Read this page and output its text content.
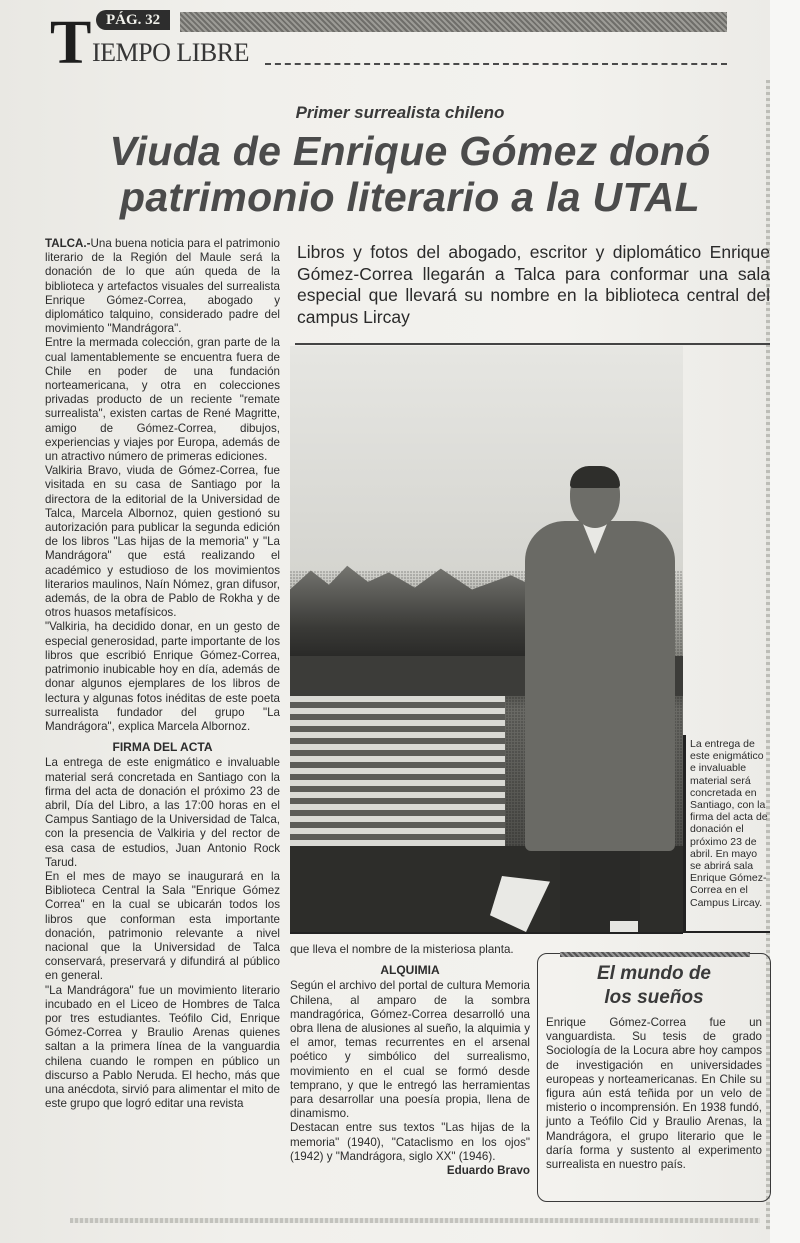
PÁG. 32
T IEMPO LIBRE
Primer surrealista chileno
Viuda de Enrique Gómez donó
patrimonio literario a la UTAL

TALCA.-Una buena noticia para el patrimonio literario de la Región del Maule será la donación de lo que aún queda de la biblioteca y artefactos visuales del surrealista Enrique Gómez-Correa, abogado y diplomático talquino, considerado padre del movimiento "Mandrágora".

Entre la mermada colección, gran parte de la cual lamentablemente se encuentra fuera de Chile en poder de una fundación norteamericana, y otra en colecciones privadas producto de un reciente "remate surrealista", existen cartas de René Magritte, amigo de Gómez-Correa, dibujos, experiencias y viajes por Europa, además de un atractivo número de primeras ediciones.

Valkiria Bravo, viuda de Gómez-Correa, fue visitada en su casa de Santiago por la directora de la editorial de la Universidad de Talca, Marcela Albornoz, quien gestionó su autorización para publicar la segunda edición de los libros "Las hijas de la memoria" y "La Mandrágora" que está realizando el académico y estudioso de los movimientos literarios maulinos, Naín Nómez, gran difusor, además, de la obra de Pablo de Rokha y de otros huasos metafísicos.

"Valkiria, ha decidido donar, en un gesto de especial generosidad, parte importante de los libros que escribió Enrique Gómez-Correa, patrimonio inubicable hoy en día, además de donar algunos ejemplares de los libros de lectura y algunas fotos inéditas de este poeta surrealista fundador del grupo "La Mandrágora", explica Marcela Albornoz.

FIRMA DEL ACTA

La entrega de este enigmático e invaluable material será concretada en Santiago con la firma del acta de donación el próximo 23 de abril, Día del Libro, a las 17:00 horas en el Campus Santiago de la Universidad de Talca, con la presencia de Valkiria y del rector de esa casa de estudios, Juan Antonio Rock Tarud.

En el mes de mayo se inaugurará en la Biblioteca Central la Sala "Enrique Gómez Correa" en la cual se ubicarán todos los libros que conforman esta importante donación, patrimonio relevante a nivel nacional que la Universidad de Talca conservará, preservará y difundirá al público en general.

"La Mandrágora" fue un movimiento literario incubado en el Liceo de Hombres de Talca por tres estudiantes. Teófilo Cid, Enrique Gómez-Correa y Braulio Arenas quienes saltan a la primera línea de la vanguardia chilena cuando le rompen en público un discurso a Pablo Neruda. El hecho, más que una anécdota, sirvió para alimentar el mito de este grupo que logró editar una revista

Libros y fotos del abogado, escritor y diplomático Enrique Gómez-Correa llegarán a Talca para conformar una sala especial que llevará su nombre en la biblioteca central del campus Lircay
La entrega de este enigmático e invaluable material será concretada en Santiago, con la firma del acta de donación el próximo 23 de abril. En mayo se abrirá sala Enrique Gómez-Correa en el Campus Lircay.

que lleva el nombre de la misteriosa planta.

ALQUIMIA

Según el archivo del portal de cultura Memoria Chilena, al amparo de la sombra mandragórica, Gómez-Correa desarrolló una obra llena de alusiones al sueño, la alquimia y el amor, temas recurrentes en el arsenal poético y simbólico del surrealismo, movimiento en el cual se formó desde temprano, y que le entregó las herramientas para desarrollar una poesía propia, llena de dinamismo.

Destacan entre sus textos "Las hijas de la memoria" (1940), "Cataclismo en los ojos" (1942) y "Mandrágora, siglo XX" (1946).

Eduardo Bravo

El mundo de
los sueños
Enrique Gómez-Correa fue un vanguardista. Su tesis de grado Sociología de la Locura abre hoy campos de investigación en universidades europeas y norteamericanas. En Chile su figura aún está teñida por un velo de misterio o incomprensión. En 1938 fundó, junto a Teófilo Cid y Braulio Arenas, la Mandrágora, el grupo literario que le daría forma y sustento al experimento surrealista en nuestro país.
